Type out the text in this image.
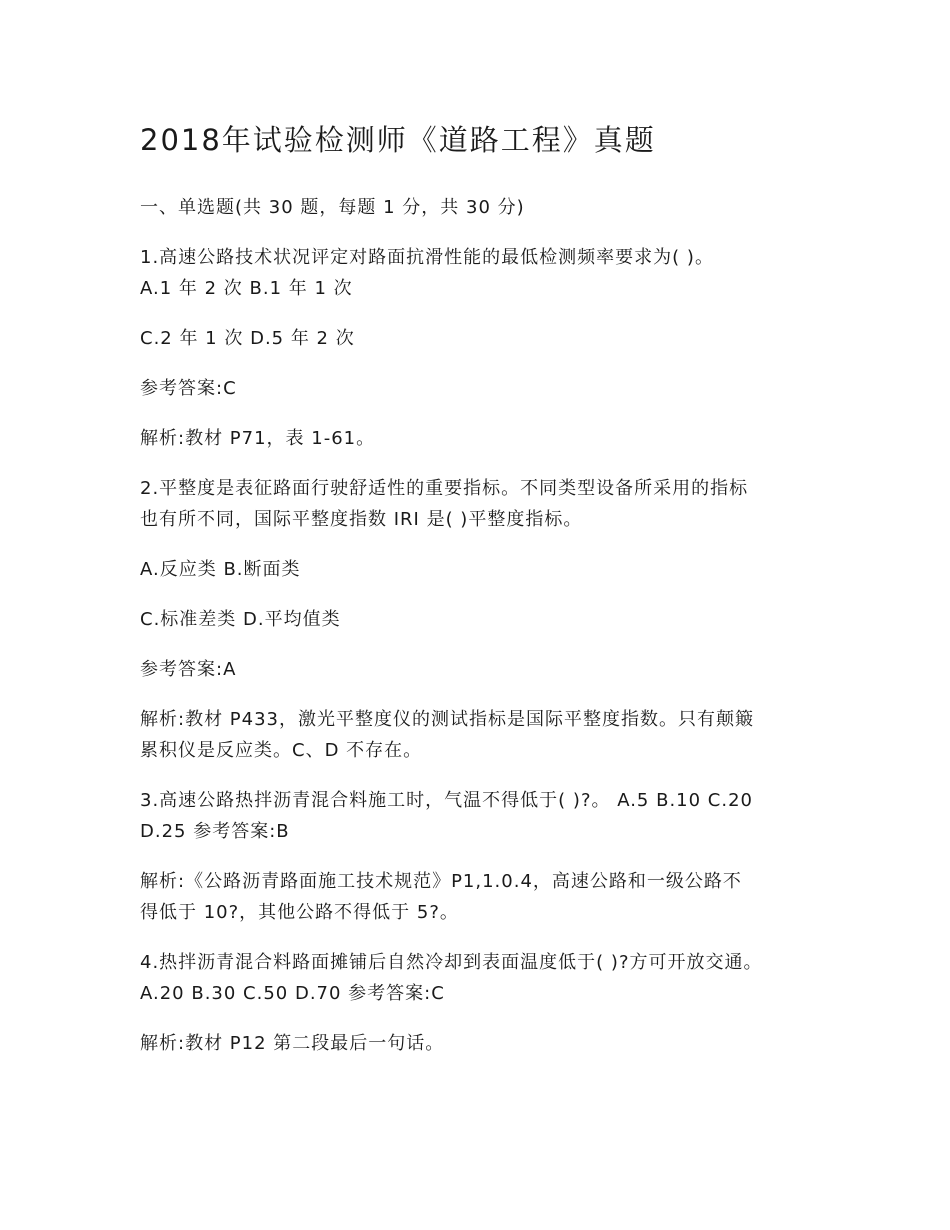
2018年试验检测师《道路工程》真题
一、单选题(共 30 题，每题 1 分，共 30 分)
1.高速公路技术状况评定对路面抗滑性能的最低检测频率要求为( )。
A.1 年 2 次 B.1 年 1 次
C.2 年 1 次 D.5 年 2 次
参考答案:C
解析:教材 P71，表 1-61。
2.平整度是表征路面行驶舒适性的重要指标。不同类型设备所采用的指标
也有所不同，国际平整度指数 IRI 是( )平整度指标。
A.反应类 B.断面类
C.标准差类 D.平均值类
参考答案:A
解析:教材 P433，激光平整度仪的测试指标是国际平整度指数。只有颠簸
累积仪是反应类。C、D 不存在。
3.高速公路热拌沥青混合料施工时，气温不得低于( )?。 A.5 B.10 C.20
D.25 参考答案:B
解析:《公路沥青路面施工技术规范》P1,1.0.4，高速公路和一级公路不
得低于 10?，其他公路不得低于 5?。
4.热拌沥青混合料路面摊铺后自然冷却到表面温度低于( )?方可开放交通。
A.20 B.30 C.50 D.70 参考答案:C
解析:教材 P12 第二段最后一句话。
